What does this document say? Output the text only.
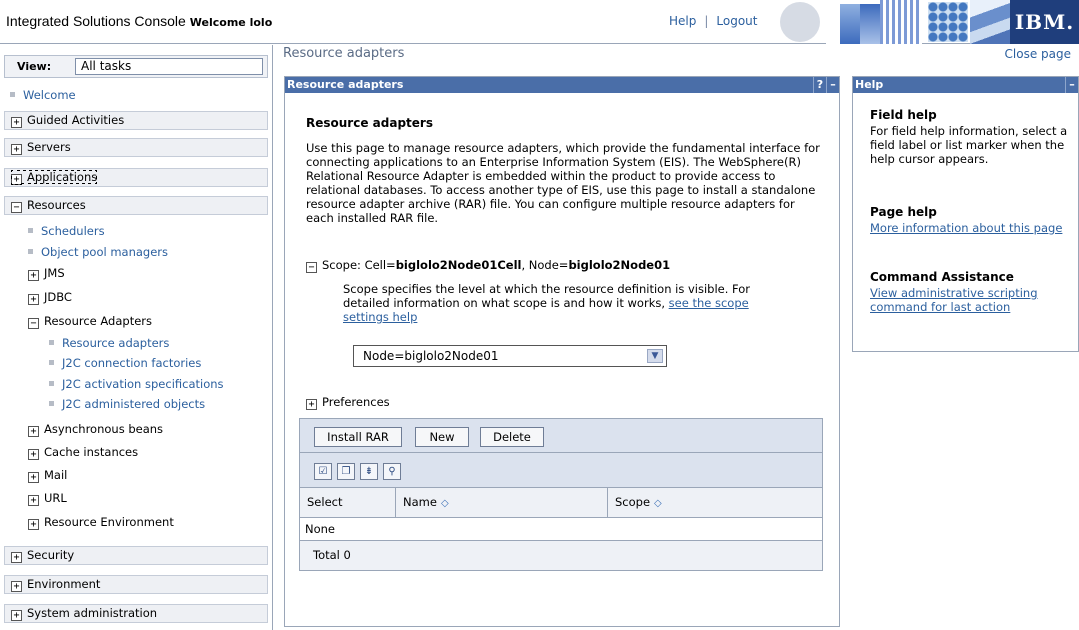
Integrated Solutions Console Welcome lolo	Help | Logout	IBM.
View:	All tasks
Welcome
+ Guided Activities
+ Servers
+ Applications
− Resources
Schedulers
Object pool managers
+ JMS
+ JDBC
− Resource Adapters
Resource adapters
J2C connection factories
J2C activation specifications
J2C administered objects
+ Asynchronous beans
+ Cache instances
+ Mail
+ URL
+ Resource Environment
+ Security
+ Environment
+ System administration
Resource adapters	Close page
Resource adapters	? –
Resource adapters
Use this page to manage resource adapters, which provide the fundamental interface for connecting applications to an Enterprise Information System (EIS). The WebSphere(R) Relational Resource Adapter is embedded within the product to provide access to relational databases. To access another type of EIS, use this page to install a standalone resource adapter archive (RAR) file. You can configure multiple resource adapters for each installed RAR file.
− Scope: Cell=biglolo2Node01Cell, Node=biglolo2Node01
Scope specifies the level at which the resource definition is visible. For detailed information on what scope is and how it works, see the scope settings help
Node=biglolo2Node01	▼
+ Preferences
Install RAR	New	Delete
☑	❐	⇟	⚲
Select	Name ◇	Scope ◇
None
Total 0
Help	–
Field help
For field help information, select a field label or list marker when the help cursor appears.
Page help
More information about this page
Command Assistance
View administrative scripting command for last action
